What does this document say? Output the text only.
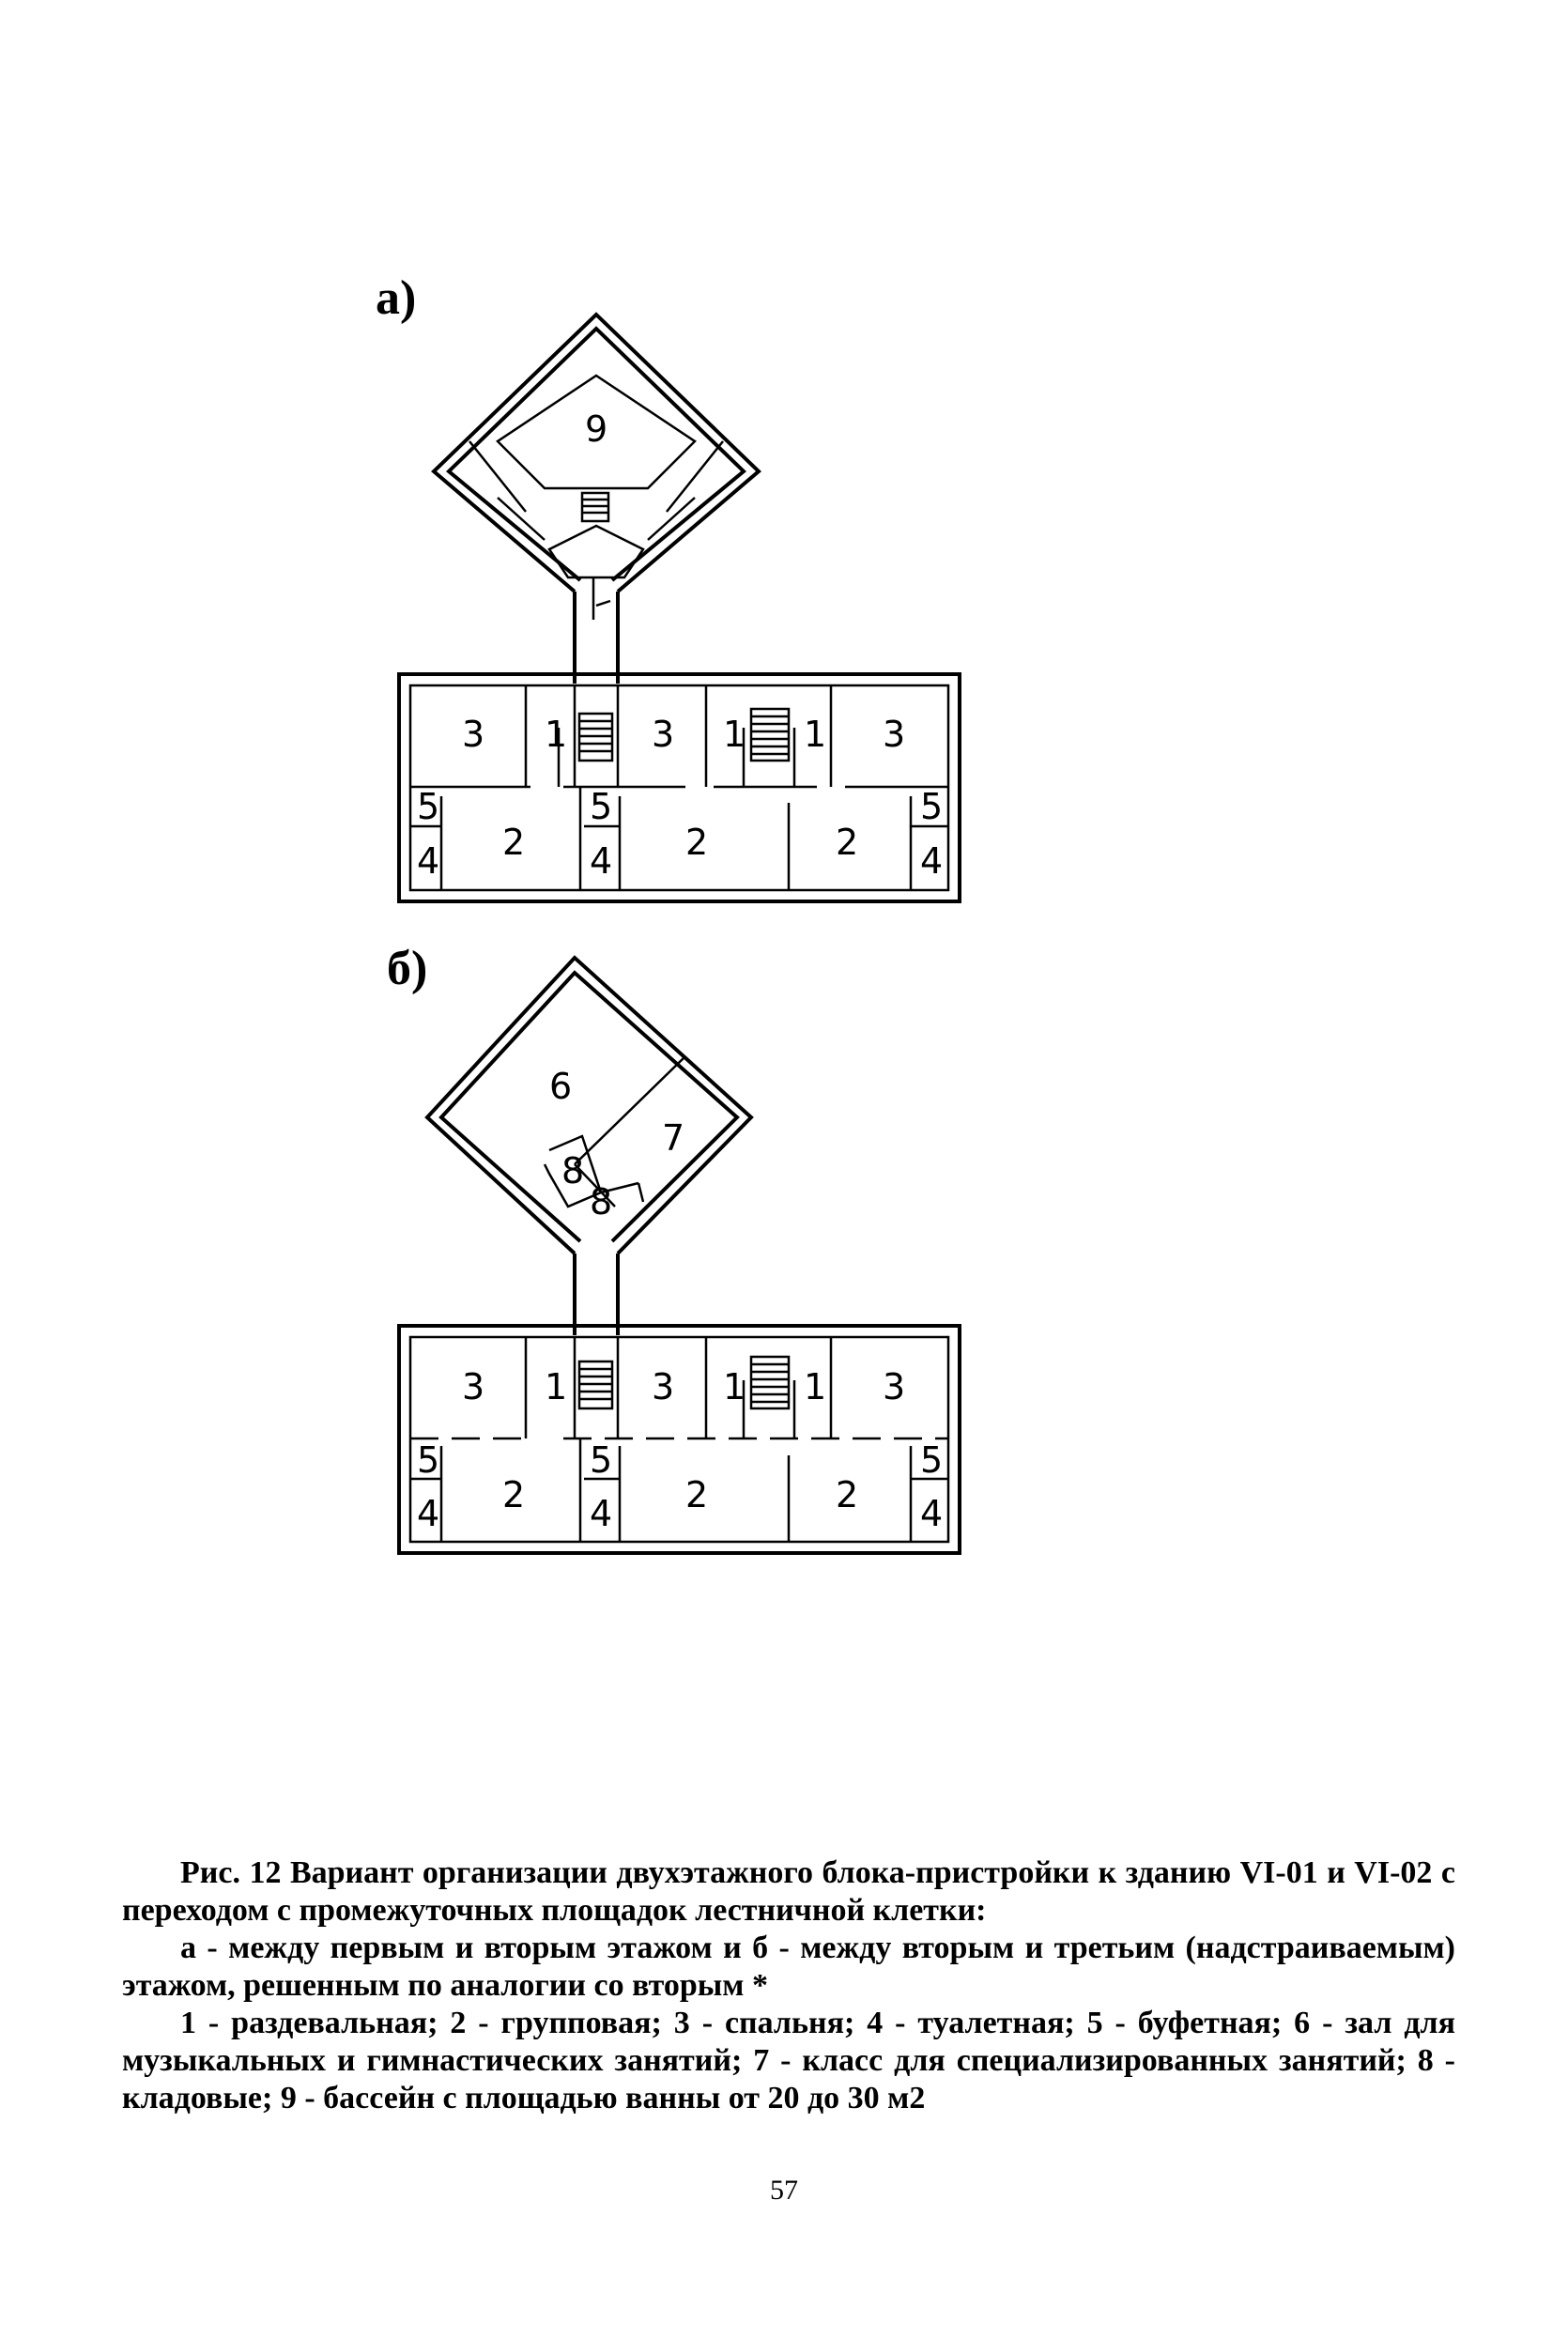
а)
б)
9
3 1 3 1 1 3
5
4 2
5
4 2	2
5
4
6
7
8
8
3 1 3 1 1 3
5
4 2
5
4 2	2
5
4

Рис. 12 Вариант организации двухэтажного блока-пристройки к зданию VI-01 и VI-02 с переходом с промежуточных площадок лестничной клетки:

а - между первым и вторым этажом и б - между вторым и третьим (надстраиваемым) этажом, решенным по аналогии со вторым *

1 - раздевальная; 2 - групповая; 3 - спальня; 4 - туалетная; 5 - буфетная; 6 - зал для музыкальных и гимнастических занятий; 7 - класс для специализированных занятий; 8 - кладовые; 9 - бассейн с площадью ванны от 20 до 30 м2

57
